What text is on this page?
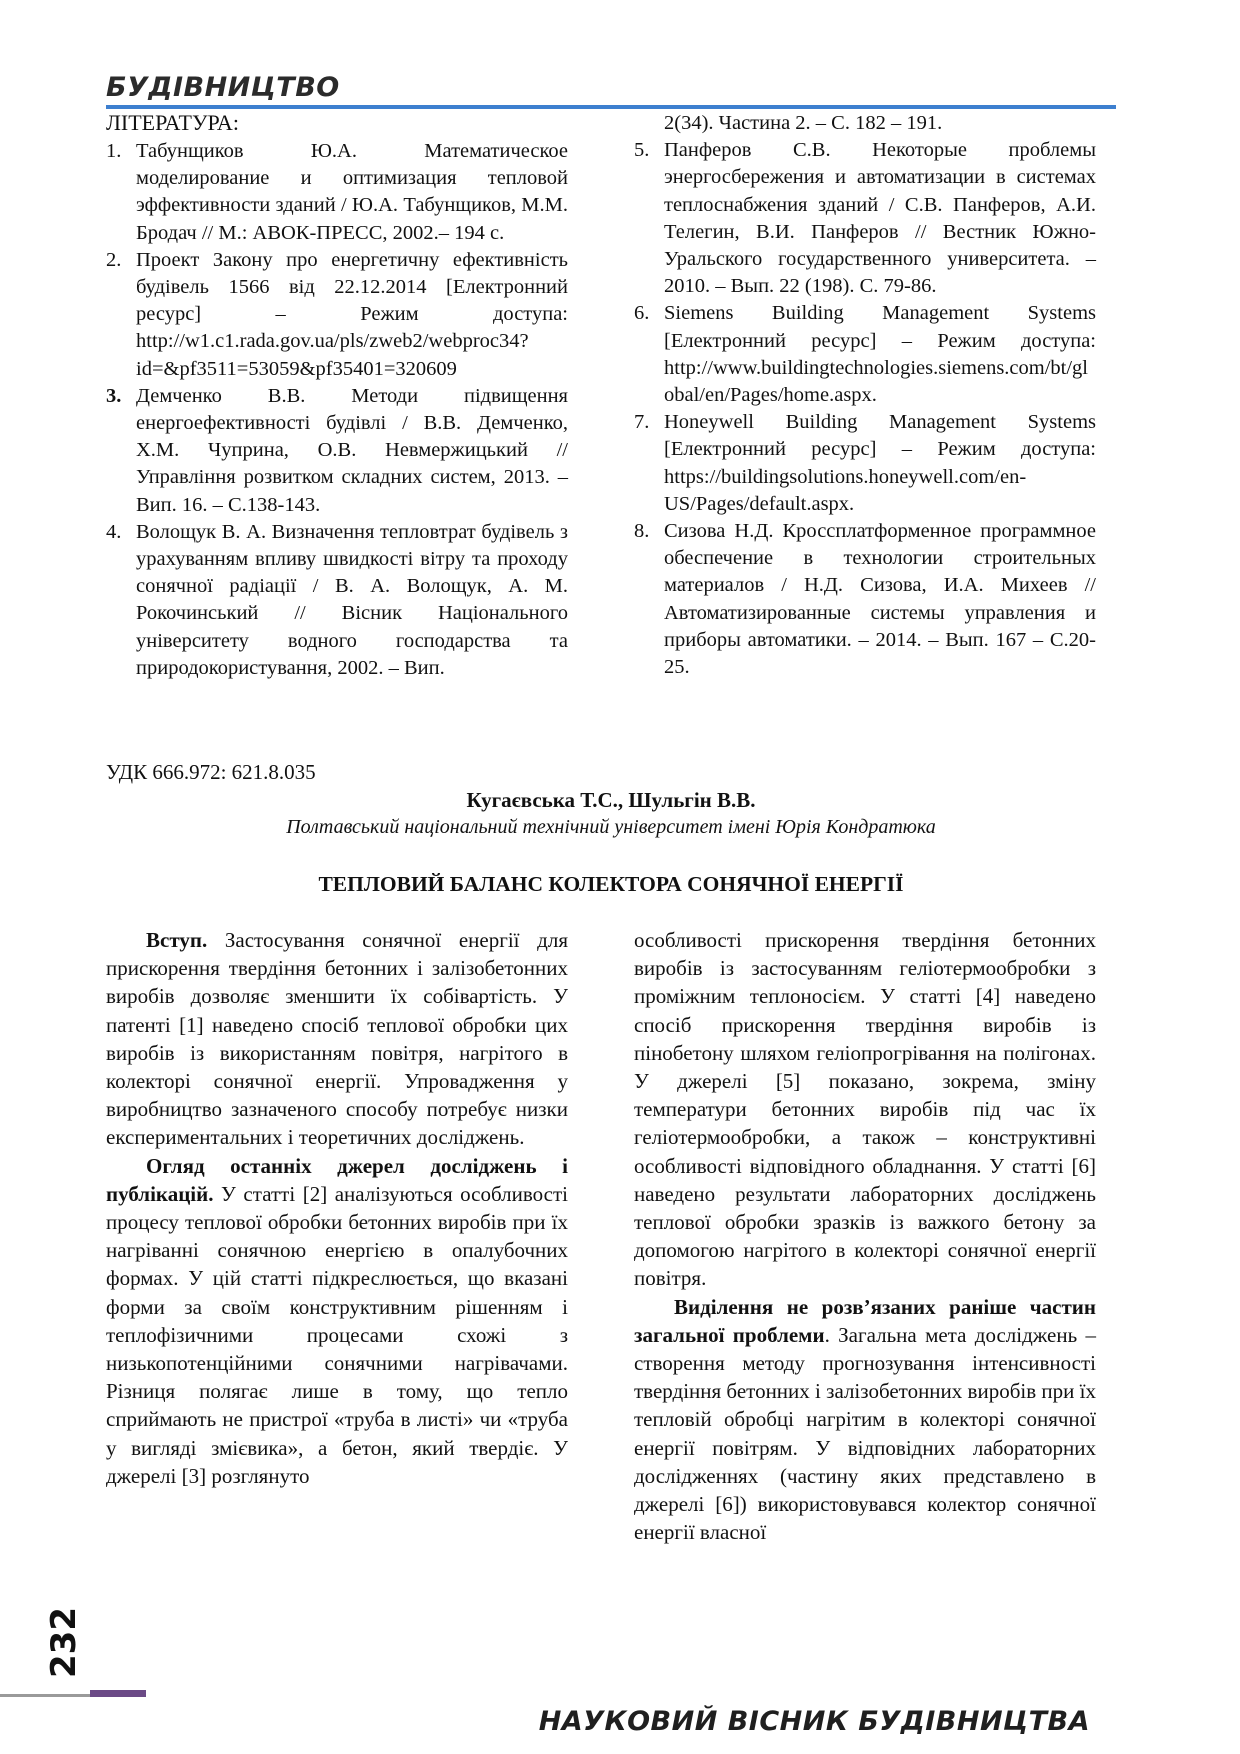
БУДІВНИЦТВО
ЛІТЕРАТУРА:
1. Табунщиков Ю.А. Математическое моделирование и оптимизация тепловой эффективности зданий / Ю.А. Табунщиков, М.М. Бродач // М.: АВОК-ПРЕСС, 2002.– 194 с.
2. Проект Закону про енергетичну ефективність будівель 1566 від 22.12.2014 [Електронний ресурс] – Режим доступа: http://w1.c1.rada.gov.ua/pls/zweb2/webproc34?id=&pf3511=53059&pf35401=320609
3. Демченко В.В. Методи підвищення енергоефективності будівлі / В.В. Демченко, Х.М. Чуприна, О.В. Невмержицький // Управління розвитком складних систем, 2013. – Вип. 16. – С.138-143.
4. Волощук В. А. Визначення тепловтрат будівель з урахуванням впливу швидкості вітру та проходу сонячної радіації / В. А. Волощук, А. М. Рокочинський // Вісник Національного університету водного господарства та природокористування, 2002. – Вип.
2(34). Частина 2. – С. 182 – 191.
5. Панферов С.В. Некоторые проблемы энергосбережения и автоматизации в системах теплоснабжения зданий / С.В. Панферов, А.И. Телегин, В.И. Панферов // Вестник Южно-Уральского государственного университета. – 2010. – Вып. 22 (198). С. 79-86.
6. Siemens Building Management Systems [Електронний ресурс] – Режим доступа: http://www.buildingtechnologies.siemens.com/bt/global/en/Pages/home.aspx.
7. Honeywell Building Management Systems [Електронний ресурс] – Режим доступа: https://buildingsolutions.honeywell.com/en-US/Pages/default.aspx.
8. Сизова Н.Д. Кроссплатформенное программное обеспечение в технологии строительных материалов / Н.Д. Сизова, И.А. Михеев // Автоматизированные системы управления и приборы автоматики. – 2014. – Вып. 167 – С.20-25.
УДК 666.972: 621.8.035
Кугаєвська Т.С., Шульгін В.В.
Полтавський національний технічний університет імені Юрія Кондратюка
ТЕПЛОВИЙ БАЛАНС КОЛЕКТОРА СОНЯЧНОЇ ЕНЕРГІЇ

Вступ. Застосування сонячної енергії для прискорення твердіння бетонних і залізобетонних виробів дозволяє зменшити їх собівартість. У патенті [1] наведено спосіб теплової обробки цих виробів із використанням повітря, нагрітого в колекторі сонячної енергії. Упровадження у виробництво зазначеного способу потребує низки експериментальних і теоретичних досліджень.

Огляд останніх джерел досліджень і публікацій. У статті [2] аналізуються особливості процесу теплової обробки бетонних виробів при їх нагріванні сонячною енергією в опалубочних формах. У цій статті підкреслюється, що вказані форми за своїм конструктивним рішенням і теплофізичними процесами схожі з низькопотенційними сонячними нагрівачами. Різниця полягає лише в тому, що тепло сприймають не пристрої «труба в листі» чи «труба у вигляді змієвика», а бетон, який твердіє. У джерелі [3] розглянуто

особливості прискорення твердіння бетонних виробів із застосуванням геліотермообробки з проміжним теплоносієм. У статті [4] наведено спосіб прискорення твердіння виробів із пінобетону шляхом геліопрогрівання на полігонах. У джерелі [5] показано, зокрема, зміну температури бетонних виробів під час їх геліотермообробки, а також – конструктивні особливості відповідного обладнання. У статті [6] наведено результати лабораторних досліджень теплової обробки зразків із важкого бетону за допомогою нагрітого в колекторі сонячної енергії повітря.

Виділення не розв’язаних раніше частин загальної проблеми. Загальна мета досліджень – створення методу прогнозування інтенсивності твердіння бетонних і залізобетонних виробів при їх тепловій обробці нагрітим в колекторі сонячної енергії повітрям. У відповідних лабораторних дослідженнях (частину яких представлено в джерелі [6]) використовувався колектор сонячної енергії власної

232
НАУКОВИЙ ВІСНИК БУДІВНИЦТВА
